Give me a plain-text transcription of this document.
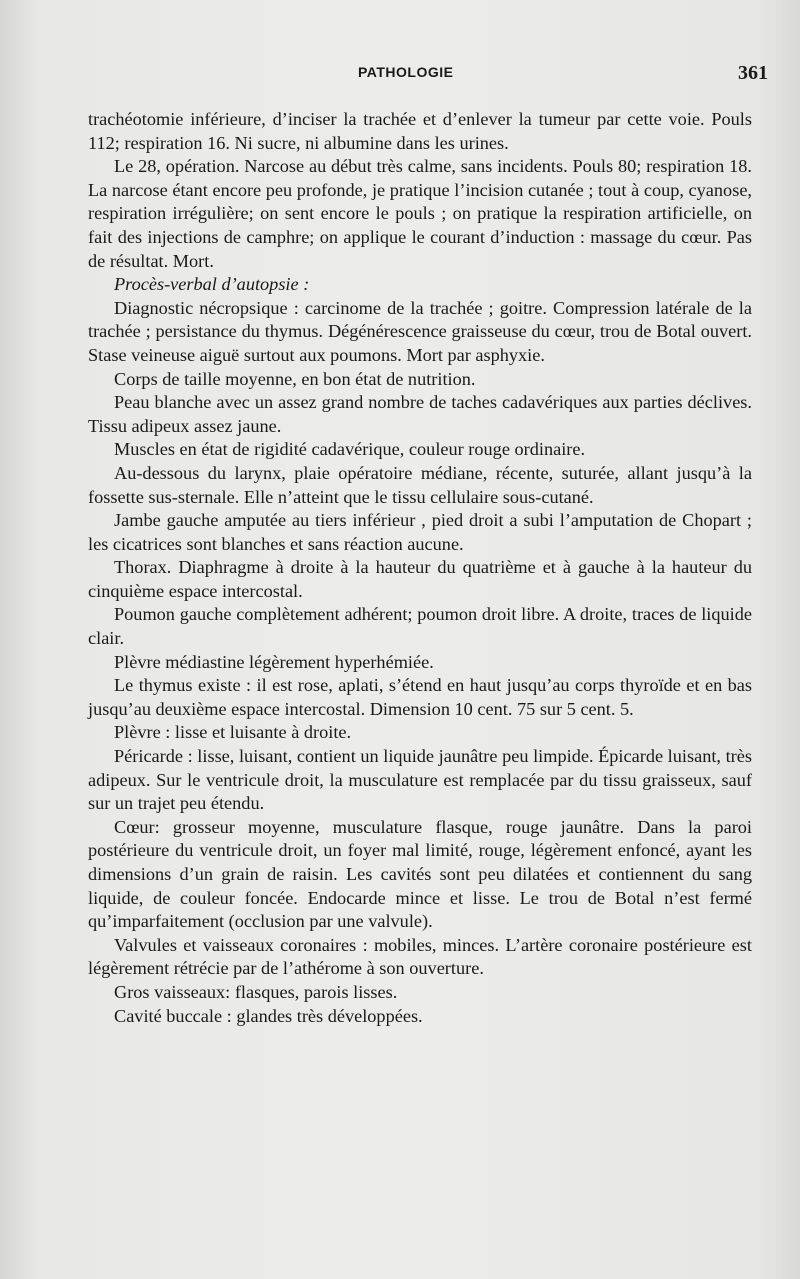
PATHOLOGIE	361

trachéotomie inférieure, d’inciser la trachée et d’enlever la tumeur par cette voie. Pouls 112; respiration 16. Ni sucre, ni albumine dans les urines.

Le 28, opération. Narcose au début très calme, sans incidents. Pouls 80; respiration 18. La narcose étant encore peu profonde, je pratique l’incision cutanée ; tout à coup, cyanose, respiration irrégulière; on sent encore le pouls ; on pratique la respiration artificielle, on fait des injections de camphre; on applique le courant d’induction : massage du cœur. Pas de résultat. Mort.

Procès-verbal d’autopsie :

Diagnostic nécropsique : carcinome de la trachée ; goitre. Compression latérale de la trachée ; persistance du thymus. Dégénérescence graisseuse du cœur, trou de Botal ouvert. Stase veineuse aiguë surtout aux poumons. Mort par asphyxie.

Corps de taille moyenne, en bon état de nutrition.

Peau blanche avec un assez grand nombre de taches cadavériques aux parties déclives. Tissu adipeux assez jaune.

Muscles en état de rigidité cadavérique, couleur rouge ordinaire.

Au-dessous du larynx, plaie opératoire médiane, récente, suturée, allant jusqu’à la fossette sus-sternale. Elle n’atteint que le tissu cellulaire sous-cutané.

Jambe gauche amputée au tiers inférieur , pied droit a subi l’amputation de Chopart ; les cicatrices sont blanches et sans réaction aucune.

Thorax. Diaphragme à droite à la hauteur du quatrième et à gauche à la hauteur du cinquième espace intercostal.

Poumon gauche complètement adhérent; poumon droit libre. A droite, traces de liquide clair.

Plèvre médiastine légèrement hyperhémiée.

Le thymus existe : il est rose, aplati, s’étend en haut jusqu’au corps thyroïde et en bas jusqu’au deuxième espace intercostal. Dimension 10 cent. 75 sur 5 cent. 5.

Plèvre : lisse et luisante à droite.

Péricarde : lisse, luisant, contient un liquide jaunâtre peu limpide. Épicarde luisant, très adipeux. Sur le ventricule droit, la musculature est remplacée par du tissu graisseux, sauf sur un trajet peu étendu.

Cœur: grosseur moyenne, musculature flasque, rouge jaunâtre. Dans la paroi postérieure du ventricule droit, un foyer mal limité, rouge, légèrement enfoncé, ayant les dimensions d’un grain de raisin. Les cavités sont peu dilatées et contiennent du sang liquide, de couleur foncée. Endocarde mince et lisse. Le trou de Botal n’est fermé qu’imparfaitement (occlusion par une valvule).

Valvules et vaisseaux coronaires : mobiles, minces. L’artère coronaire postérieure est légèrement rétrécie par de l’athérome à son ouverture.

Gros vaisseaux: flasques, parois lisses.

Cavité buccale : glandes très développées.
